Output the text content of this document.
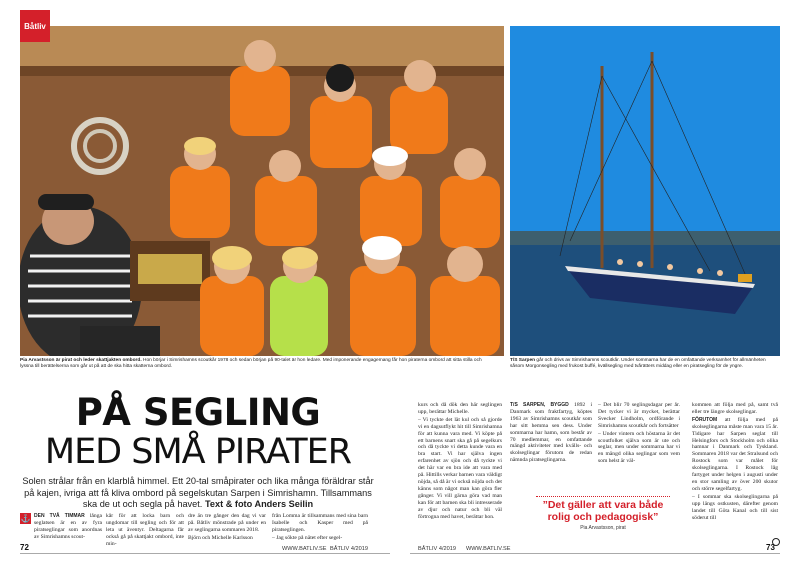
Båtliv
Pia Arvastsson är pirat och leder skattjakten ombord. Hon börjar i Simrishamns scoutkår 1978 och sedan början på 90-talet är hon ledare. Med imponerande engagemang får hon piraterna ombord att sitta stilla och lyssna till berättelserna som går ut på att de ska hitta skatterna ombord.
T/S Sarpen går och drivs av Simrishamns scoutkår. Under sommarna har de en omfattande verksamhet för allmänheten såsom Morgonsegling med frukost buffé, kvällsegling med tvårätters middag eller en piratsegling för de yngre.
PÅ SEGLING
MED SMÅ PIRATER
Solen strålar från en klarblå himmel. Ett 20-tal småpirater och lika många föräldrar står på kajen, ivriga att få kliva ombord på segelskutan Sarpen i Simrishamn. Tillsammans ska de ut och segla på havet. Text & foto Anders Seilin
⚓ DEN TVÅ TIMMAR långa seglatsen är en av fyra piratseglingar som anordnas av Simrishamns scout-
kår för att locka barn och ungdomar till segling och för att leta ut äventyr. Deltagarna får också gå på skattjakt ombord, inte min-

dre än tre gånger den dag vi var på. Båtliv mönstrade på under en av seglingarna sommaren 2018.

Björn och Michelle Karlsson

från Lomma är tillsammans med sina barn Isabelle och Kasper med på piratseglingen.

– Jag sökte på nätet efter segel-

kurs och då dök den här seglingen upp, berättar Michelle.

– Vi tyckte det lät kul och så gjorde vi en dagsutflykt hit till Simrishamna för att kunna vara med. Vi köpte på ett barnens snart ska gå på segelkurs och då tyckte vi detta kunde vara en bra start. Vi har själva ingen erfarenhet av sjön och då tyckte vi det här var en bra ide att vara med på. Hittills verkar barnen vara väldigt nöjda, så då är vi också nöjda och det känns som något man kan göra fler gånger. Vi vill gärna göra vad man kan för att barnen ska bli intresserade av djur och natur och bli väl förtrogna med havet, berättar hon.

T/S SARPEN, BYGGD 1892 i Danmark som fraktfartyg, köptes 1963 av Simrishamns scoutkår som har sitt hemma sen dess. Under sommarna har hamn, som består av 70 medlemmar, en omfattande mängd aktiviteter med kvälls- och skolseglingar förutom de redan nämnda piratseglingarna.

– Det blir 70 seglingsdagar per år. Det tycker vi är mycket, berättar Svecker Lindholm, ordförande i Simrishamns scoutkår och fortsätter

– Under vintern och höstarna är det scoutfolket själva som är ute och seglar, men under sommarna har vi en mängd olika seglingar som vem som helst är väl-

kommen att följa med på, samt två eller tre längre skolseglingar.

FÖRUTOM att följa med på skolseglingarna måste man vara 15 år. Tidigare har Sarpen seglat till Helsingfors och Stockholm och olika hamnar i Danmark och Tyskland. Sommaren 2018 var det Stralsund och Rostock som var målet för skolseglingarna. I Rostock låg fartyget under helgen i augusti under en stor samling av över 200 skutor och större segelfartyg.

– I sommar ska skolseglingarna på upp längs ostkusten, därefter genom landet till Göta Kanal och till sist söderut till

”Det gäller att vara både rolig och pedagogisk”
Pia Arvastsson, pirat
72	WWW.BATLIV.SE BÅTLIV 4/2019	BÅTLIV 4/2019 WWW.BATLIV.SE	73
